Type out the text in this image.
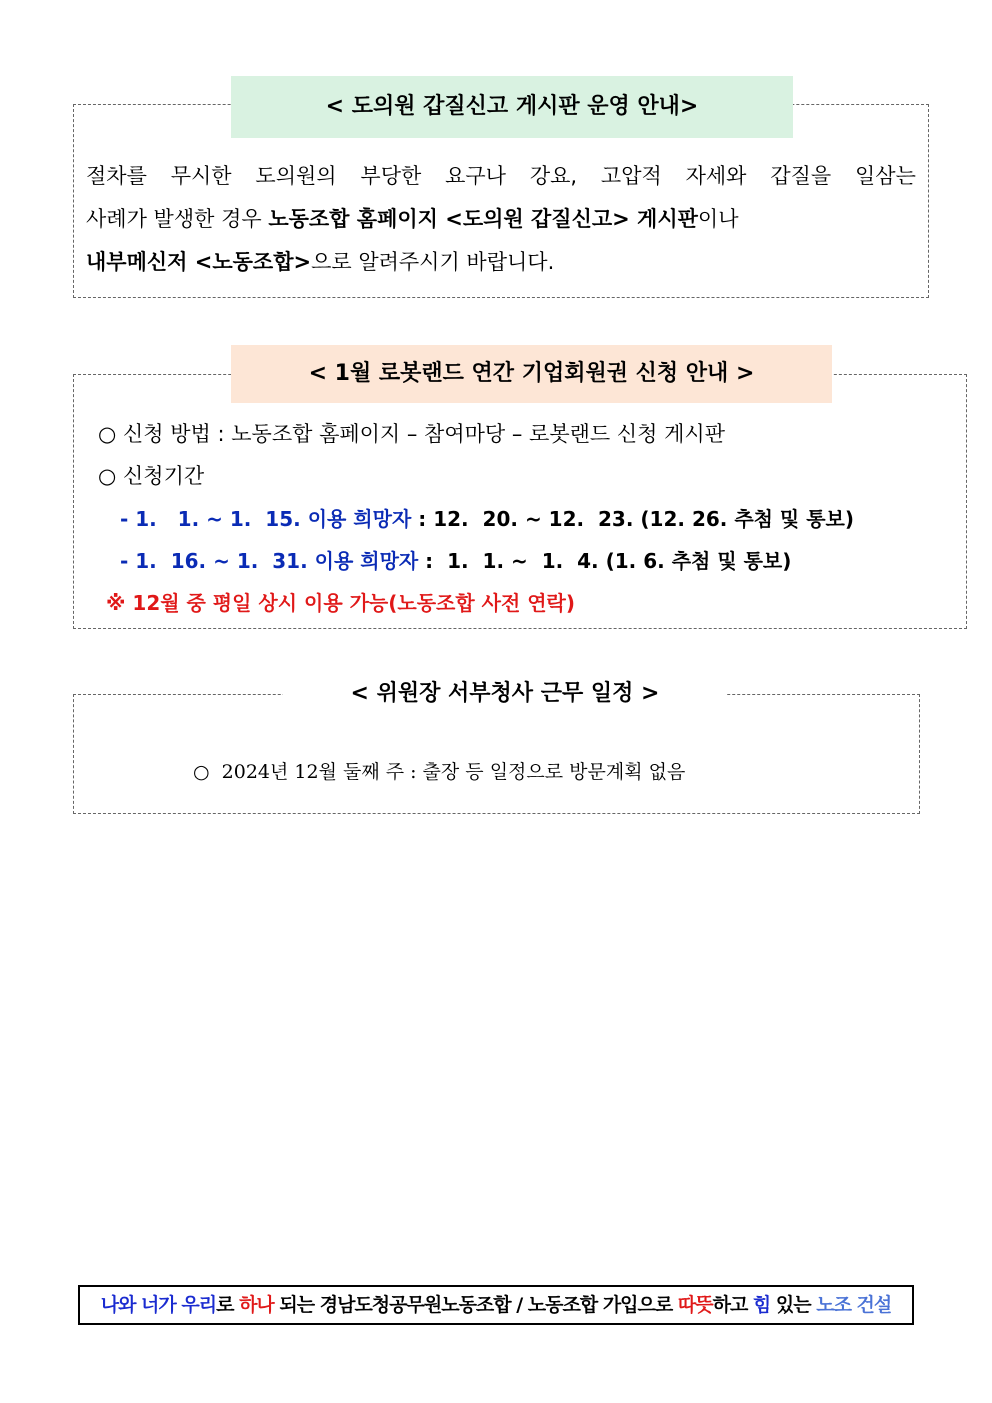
< 도의원 갑질신고 게시판 운영 안내>
절차를 무시한 도의원의 부당한 요구나 강요, 고압적 자세와 갑질을 일삼는
사례가 발생한 경우 노동조합 홈페이지 <도의원 갑질신고> 게시판이나
내부메신저 <노동조합>으로 알려주시기 바랍니다.
< 1월 로봇랜드 연간 기업회원권 신청 안내 >
○ 신청 방법 : 노동조합 홈페이지 – 참여마당 – 로봇랜드 신청 게시판
○ 신청기간
- 1.   1. ~ 1.  15. 이용 희망자 : 12.  20. ~ 12.  23. (12. 26. 추첨 및 통보)
- 1.  16. ~ 1.  31. 이용 희망자 :  1.  1. ~  1.  4. (1. 6. 추첨 및 통보)
※ 12월 중 평일 상시 이용 가능(노동조합 사전 연락)
< 위원장 서부청사 근무 일정 >
○  2024년 12월 둘째 주 : 출장 등 일정으로 방문계획 없음
나와 너가 우리로 하나 되는 경남도청공무원노동조합 / 노동조합 가입으로 따뜻하고 힘 있는 노조 건설
